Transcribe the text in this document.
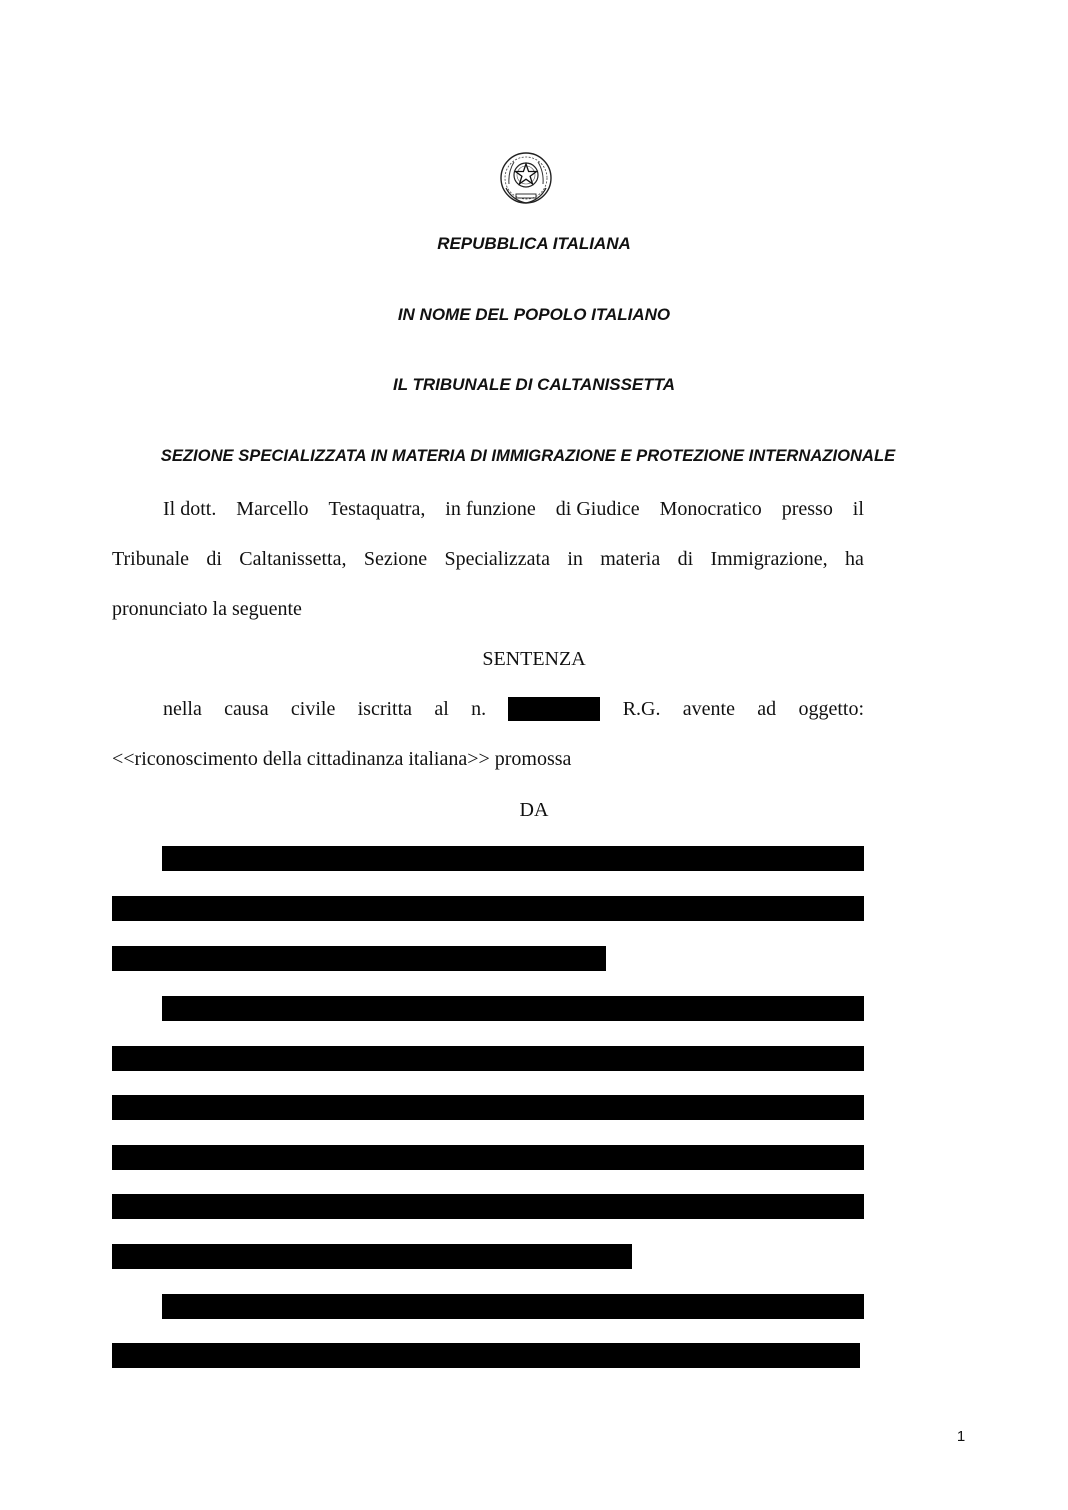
REPUBBLICA ITALIANA
IN NOME DEL POPOLO ITALIANO
IL TRIBUNALE DI CALTANISSETTA
SEZIONE SPECIALIZZATA IN MATERIA DI IMMIGRAZIONE E PROTEZIONE INTERNAZIONALE
Il dott. Marcello Testaquatra, in funzione di Giudice Monocratico presso il
Tribunale di Caltanissetta, Sezione Specializzata in materia di Immigrazione, ha
pronunciato la seguente
SENTENZA
nella causa civile iscritta al n.	R.G. avente ad oggetto:
<<riconoscimento della cittadinanza italiana>> promossa
DA
1
